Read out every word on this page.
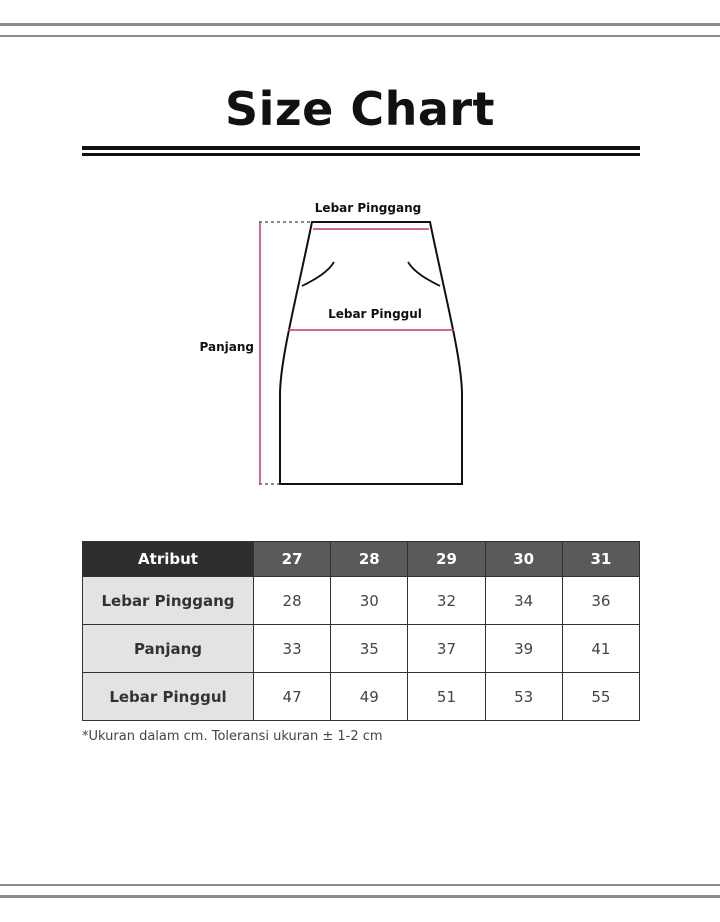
Size Chart
Lebar Pinggang
Lebar Pinggul
Panjang
Atribut	27	28	29	30	31
Lebar Pinggang	28	30	32	34	36
Panjang	33	35	37	39	41
Lebar Pinggul	47	49	51	53	55
*Ukuran dalam cm. Toleransi ukuran ± 1-2 cm
